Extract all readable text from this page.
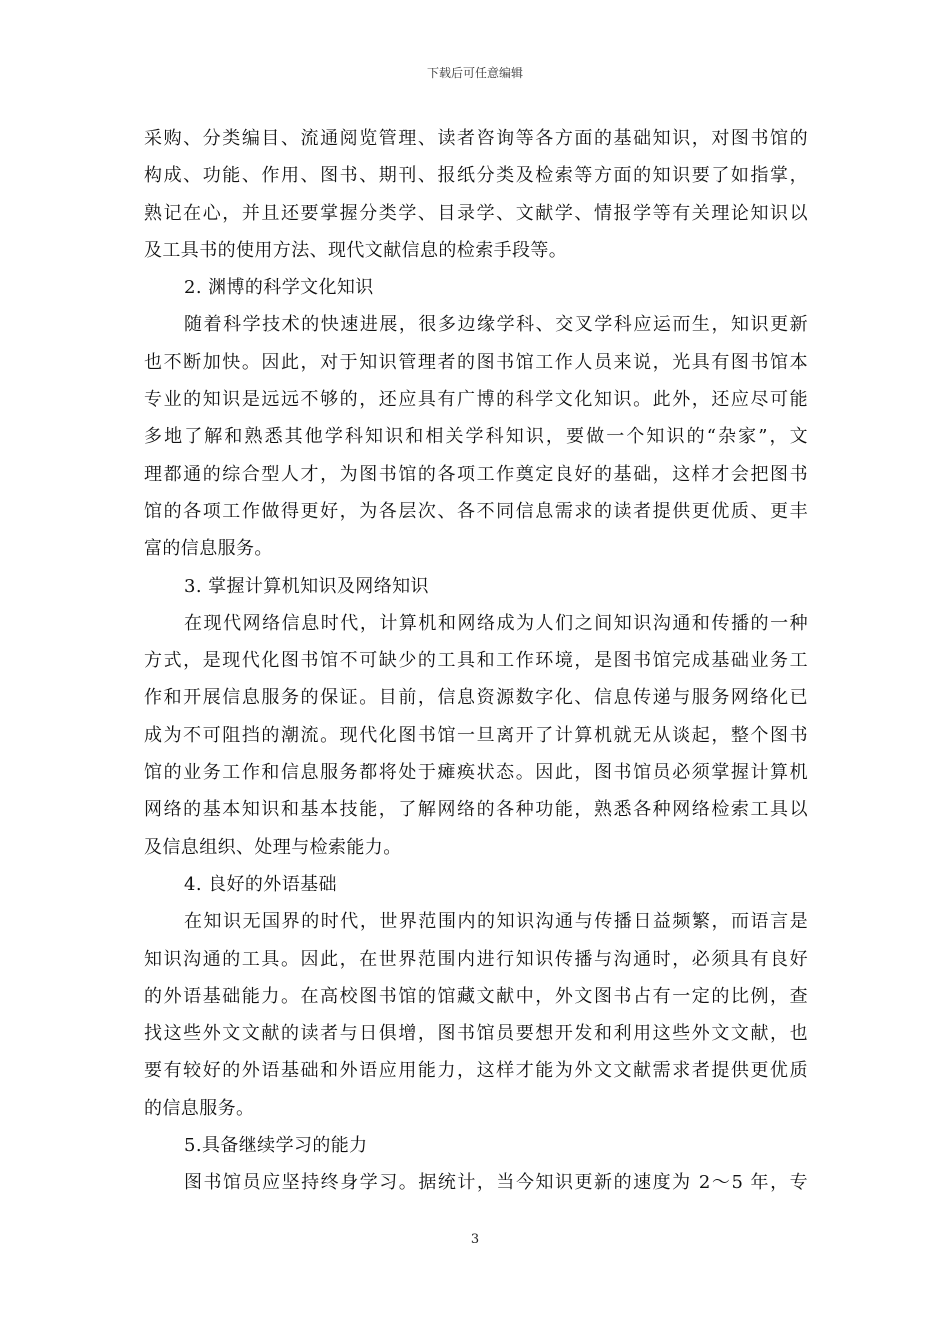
下载后可任意编辑
采购、分类编目、流通阅览管理、读者咨询等各方面的基础知识，对图书馆的
构成、功能、作用、图书、期刊、报纸分类及检索等方面的知识要了如指掌，
熟记在心，并且还要掌握分类学、目录学、文献学、情报学等有关理论知识以
及工具书的使用方法、现代文献信息的检索手段等。
2. 渊博的科学文化知识
随着科学技术的快速进展，很多边缘学科、交叉学科应运而生，知识更新
也不断加快。因此，对于知识管理者的图书馆工作人员来说，光具有图书馆本
专业的知识是远远不够的，还应具有广博的科学文化知识。此外，还应尽可能
多地了解和熟悉其他学科知识和相关学科知识，要做一个知识的“杂家”，文
理都通的综合型人才，为图书馆的各项工作奠定良好的基础，这样才会把图书
馆的各项工作做得更好，为各层次、各不同信息需求的读者提供更优质、更丰
富的信息服务。
3. 掌握计算机知识及网络知识
在现代网络信息时代，计算机和网络成为人们之间知识沟通和传播的一种
方式，是现代化图书馆不可缺少的工具和工作环境，是图书馆完成基础业务工
作和开展信息服务的保证。目前，信息资源数字化、信息传递与服务网络化已
成为不可阻挡的潮流。现代化图书馆一旦离开了计算机就无从谈起，整个图书
馆的业务工作和信息服务都将处于瘫痪状态。因此，图书馆员必须掌握计算机
网络的基本知识和基本技能，了解网络的各种功能，熟悉各种网络检索工具以
及信息组织、处理与检索能力。
4. 良好的外语基础
在知识无国界的时代，世界范围内的知识沟通与传播日益频繁，而语言是
知识沟通的工具。因此，在世界范围内进行知识传播与沟通时，必须具有良好
的外语基础能力。在高校图书馆的馆藏文献中，外文图书占有一定的比例，查
找这些外文文献的读者与日俱增，图书馆员要想开发和利用这些外文文献，也
要有较好的外语基础和外语应用能力，这样才能为外文文献需求者提供更优质
的信息服务。
5.具备继续学习的能力
图书馆员应坚持终身学习。据统计，当今知识更新的速度为 2～5 年，专
3
